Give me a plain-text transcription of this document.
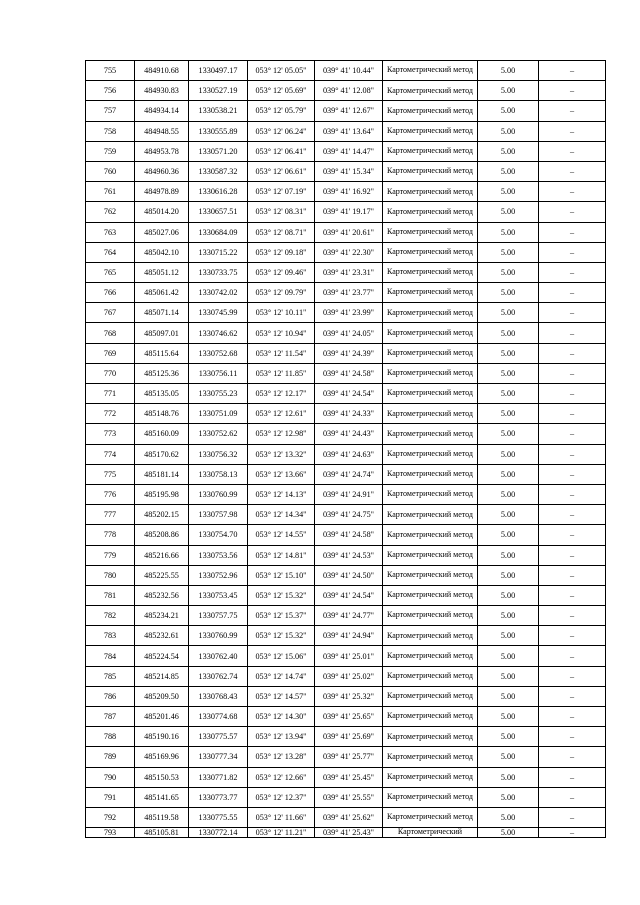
755	484910.68	1330497.17	053° 12' 05.05"	039° 41' 10.44"	Картометрический метод	5.00	–
756	484930.83	1330527.19	053° 12' 05.69"	039° 41' 12.08"	Картометрический метод	5.00	–
757	484934.14	1330538.21	053° 12' 05.79"	039° 41' 12.67"	Картометрический метод	5.00	–
758	484948.55	1330555.89	053° 12' 06.24"	039° 41' 13.64"	Картометрический метод	5.00	–
759	484953.78	1330571.20	053° 12' 06.41"	039° 41' 14.47"	Картометрический метод	5.00	–
760	484960.36	1330587.32	053° 12' 06.61"	039° 41' 15.34"	Картометрический метод	5.00	–
761	484978.89	1330616.28	053° 12' 07.19"	039° 41' 16.92"	Картометрический метод	5.00	–
762	485014.20	1330657.51	053° 12' 08.31"	039° 41' 19.17"	Картометрический метод	5.00	–
763	485027.06	1330684.09	053° 12' 08.71"	039° 41' 20.61"	Картометрический метод	5.00	–
764	485042.10	1330715.22	053° 12' 09.18"	039° 41' 22.30"	Картометрический метод	5.00	–
765	485051.12	1330733.75	053° 12' 09.46"	039° 41' 23.31"	Картометрический метод	5.00	–
766	485061.42	1330742.02	053° 12' 09.79"	039° 41' 23.77"	Картометрический метод	5.00	–
767	485071.14	1330745.99	053° 12' 10.11"	039° 41' 23.99"	Картометрический метод	5.00	–
768	485097.01	1330746.62	053° 12' 10.94"	039° 41' 24.05"	Картометрический метод	5.00	–
769	485115.64	1330752.68	053° 12' 11.54"	039° 41' 24.39"	Картометрический метод	5.00	–
770	485125.36	1330756.11	053° 12' 11.85"	039° 41' 24.58"	Картометрический метод	5.00	–
771	485135.05	1330755.23	053° 12' 12.17"	039° 41' 24.54"	Картометрический метод	5.00	–
772	485148.76	1330751.09	053° 12' 12.61"	039° 41' 24.33"	Картометрический метод	5.00	–
773	485160.09	1330752.62	053° 12' 12.98"	039° 41' 24.43"	Картометрический метод	5.00	–
774	485170.62	1330756.32	053° 12' 13.32"	039° 41' 24.63"	Картометрический метод	5.00	–
775	485181.14	1330758.13	053° 12' 13.66"	039° 41' 24.74"	Картометрический метод	5.00	–
776	485195.98	1330760.99	053° 12' 14.13"	039° 41' 24.91"	Картометрический метод	5.00	–
777	485202.15	1330757.98	053° 12' 14.34"	039° 41' 24.75"	Картометрический метод	5.00	–
778	485208.86	1330754.70	053° 12' 14.55"	039° 41' 24.58"	Картометрический метод	5.00	–
779	485216.66	1330753.56	053° 12' 14.81"	039° 41' 24.53"	Картометрический метод	5.00	–
780	485225.55	1330752.96	053° 12' 15.10"	039° 41' 24.50"	Картометрический метод	5.00	–
781	485232.56	1330753.45	053° 12' 15.32"	039° 41' 24.54"	Картометрический метод	5.00	–
782	485234.21	1330757.75	053° 12' 15.37"	039° 41' 24.77"	Картометрический метод	5.00	–
783	485232.61	1330760.99	053° 12' 15.32"	039° 41' 24.94"	Картометрический метод	5.00	–
784	485224.54	1330762.40	053° 12' 15.06"	039° 41' 25.01"	Картометрический метод	5.00	–
785	485214.85	1330762.74	053° 12' 14.74"	039° 41' 25.02"	Картометрический метод	5.00	–
786	485209.50	1330768.43	053° 12' 14.57"	039° 41' 25.32"	Картометрический метод	5.00	–
787	485201.46	1330774.68	053° 12' 14.30"	039° 41' 25.65"	Картометрический метод	5.00	–
788	485190.16	1330775.57	053° 12' 13.94"	039° 41' 25.69"	Картометрический метод	5.00	–
789	485169.96	1330777.34	053° 12' 13.28"	039° 41' 25.77"	Картометрический метод	5.00	–
790	485150.53	1330771.82	053° 12' 12.66"	039° 41' 25.45"	Картометрический метод	5.00	–
791	485141.65	1330773.77	053° 12' 12.37"	039° 41' 25.55"	Картометрический метод	5.00	–
792	485119.58	1330775.55	053° 12' 11.66"	039° 41' 25.62"	Картометрический метод	5.00	–
793	485105.81	1330772.14	053° 12' 11.21"	039° 41' 25.43"	Картометрический	5.00	–
